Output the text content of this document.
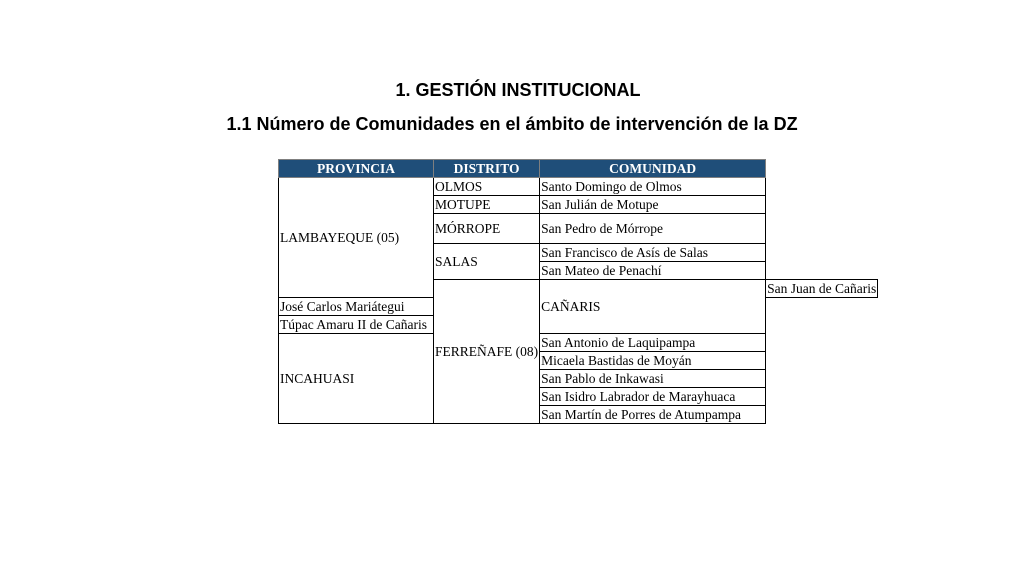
1. GESTIÓN INSTITUCIONAL
1.1 Número de Comunidades en el ámbito de intervención de la DZ
PROVINCIA	DISTRITO	COMUNIDAD	
LAMBAYEQUE (05)	OLMOS	Santo Domingo de Olmos	
	MOTUPE	San Julián de Motupe	
	MÓRROPE	San Pedro de Mórrope	
	SALAS	San Francisco de Asís de Salas	
		San Mateo de Penachí	
	FERREÑAFE (08)	CAÑARIS	San Juan de Cañaris
José Carlos Mariátegui			
Túpac Amaru II de Cañaris			
INCAHUASI		San Antonio de Laquipampa	
		Micaela Bastidas de Moyán	
		San Pablo de Inkawasi	
		San Isidro Labrador de Marayhuaca	
		San Martín de Porres de Atumpampa	
